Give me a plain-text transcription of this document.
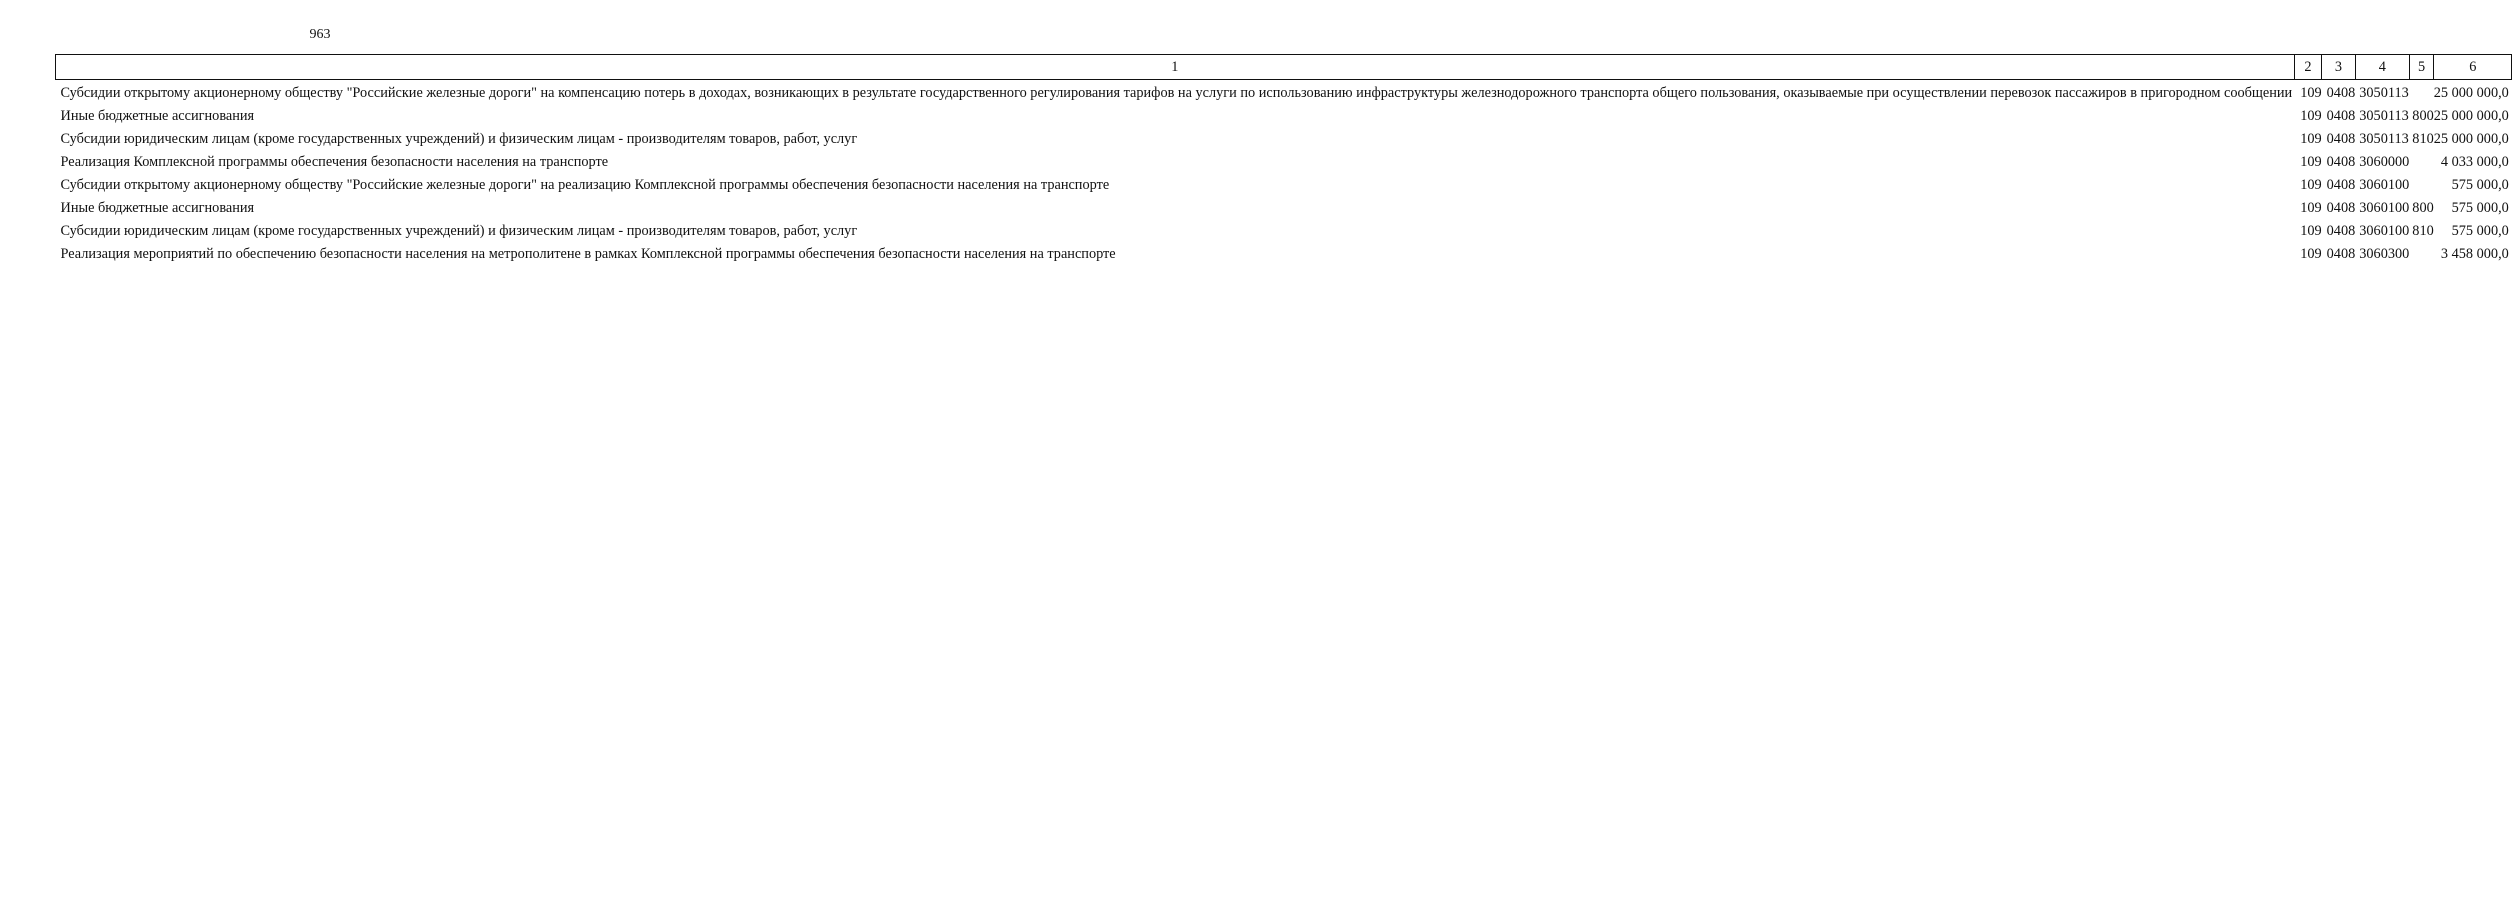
963
1	2	3	4	5	6
Субсидии открытому акционерному обществу "Российские железные дороги" на компенсацию потерь в доходах, возникающих в результате государственного регулирования тарифов на услуги по использованию инфраструктуры железнодорожного транспорта общего пользования, оказываемые при осуществлении перевозок пассажиров в пригородном сообщении	109	0408	3050113		25 000 000,0
Иные бюджетные ассигнования	109	0408	3050113	800	25 000 000,0
Субсидии юридическим лицам (кроме государственных учреждений) и физическим лицам - производителям товаров, работ, услуг	109	0408	3050113	810	25 000 000,0
Реализация Комплексной программы обеспечения безопасности населения на транспорте	109	0408	3060000		4 033 000,0
Субсидии открытому акционерному обществу "Российские железные дороги" на реализацию Комплексной программы обеспечения безопасности населения на транспорте	109	0408	3060100		575 000,0
Иные бюджетные ассигнования	109	0408	3060100	800	575 000,0
Субсидии юридическим лицам (кроме государственных учреждений) и физическим лицам - производителям товаров, работ, услуг	109	0408	3060100	810	575 000,0
Реализация мероприятий по обеспечению безопасности населения на метрополитене в рамках Комплексной программы обеспечения безопасности населения на транспорте	109	0408	3060300		3 458 000,0
